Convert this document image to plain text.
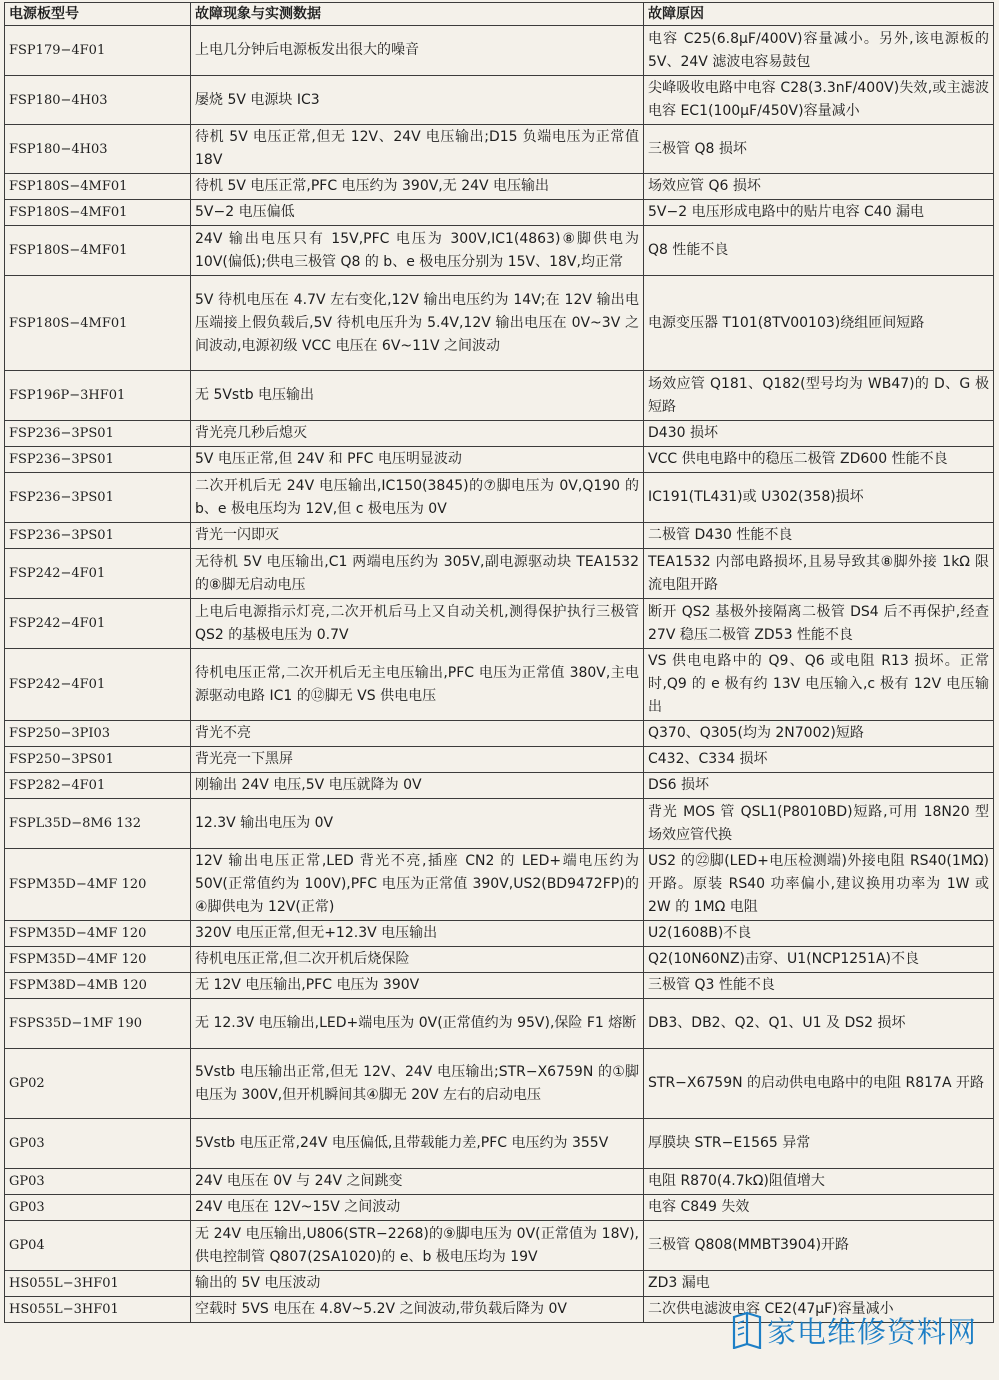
电源板型号	故障现象与实测数据	故障原因
FSP179−4F01	上电几分钟后电源板发出很大的噪音	电容 C25(6.8μF/400V)容量减小。另外,该电源板的 5V、24V 滤波电容易鼓包
FSP180−4H03	屡烧 5V 电源块 IC3	尖峰吸收电路中电容 C28(3.3nF/400V)失效,或主滤波电容 EC1(100μF/450V)容量减小
FSP180−4H03	待机 5V 电压正常,但无 12V、24V 电压输出;D15 负端电压为正常值 18V	三极管 Q8 损坏
FSP180S−4MF01	待机 5V 电压正常,PFC 电压约为 390V,无 24V 电压输出	场效应管 Q6 损坏
FSP180S−4MF01	5V−2 电压偏低	5V−2 电压形成电路中的贴片电容 C40 漏电
FSP180S−4MF01	24V 输出电压只有 15V,PFC 电压为 300V,IC1(4863)⑧脚供电为 10V(偏低);供电三极管 Q8 的 b、e 极电压分别为 15V、18V,均正常	Q8 性能不良
FSP180S−4MF01	5V 待机电压在 4.7V 左右变化,12V 输出电压约为 14V;在 12V 输出电压端接上假负载后,5V 待机电压升为 5.4V,12V 输出电压在 0V~3V 之间波动,电源初级 VCC 电压在 6V~11V 之间波动	电源变压器 T101(8TV00103)绕组匝间短路
FSP196P−3HF01	无 5Vstb 电压输出	场效应管 Q181、Q182(型号均为 WB47)的 D、G 极短路
FSP236−3PS01	背光亮几秒后熄灭	D430 损坏
FSP236−3PS01	5V 电压正常,但 24V 和 PFC 电压明显波动	VCC 供电电路中的稳压二极管 ZD600 性能不良
FSP236−3PS01	二次开机后无 24V 电压输出,IC150(3845)的⑦脚电压为 0V,Q190 的 b、e 极电压均为 12V,但 c 极电压为 0V	IC191(TL431)或 U302(358)损坏
FSP236−3PS01	背光一闪即灭	二极管 D430 性能不良
FSP242−4F01	无待机 5V 电压输出,C1 两端电压约为 305V,副电源驱动块 TEA1532 的⑧脚无启动电压	TEA1532 内部电路损坏,且易导致其⑧脚外接 1kΩ 限流电阻开路
FSP242−4F01	上电后电源指示灯亮,二次开机后马上又自动关机,测得保护执行三极管 QS2 的基极电压为 0.7V	断开 QS2 基极外接隔离二极管 DS4 后不再保护,经查 27V 稳压二极管 ZD53 性能不良
FSP242−4F01	待机电压正常,二次开机后无主电压输出,PFC 电压为正常值 380V,主电源驱动电路 IC1 的⑫脚无 VS 供电电压	VS 供电电路中的 Q9、Q6 或电阻 R13 损坏。正常时,Q9 的 e 极有约 13V 电压输入,c 极有 12V 电压输出
FSP250−3PI03	背光不亮	Q370、Q305(均为 2N7002)短路
FSP250−3PS01	背光亮一下黑屏	C432、C334 损坏
FSP282−4F01	刚输出 24V 电压,5V 电压就降为 0V	DS6 损坏
FSPL35D−8M6 132	12.3V 输出电压为 0V	背光 MOS 管 QSL1(P8010BD)短路,可用 18N20 型场效应管代换
FSPM35D−4MF 120	12V 输出电压正常,LED 背光不亮,插座 CN2 的 LED+端电压约为 50V(正常值约为 100V),PFC 电压为正常值 390V,US2(BD9472FP)的④脚供电为 12V(正常)	US2 的㉒脚(LED+电压检测端)外接电阻 RS40(1MΩ)开路。原装 RS40 功率偏小,建议换用功率为 1W 或 2W 的 1MΩ 电阻
FSPM35D−4MF 120	320V 电压正常,但无+12.3V 电压输出	U2(1608B)不良
FSPM35D−4MF 120	待机电压正常,但二次开机后烧保险	Q2(10N60NZ)击穿、U1(NCP1251A)不良
FSPM38D−4MB 120	无 12V 电压输出,PFC 电压为 390V	三极管 Q3 性能不良
FSPS35D−1MF 190	无 12.3V 电压输出,LED+端电压为 0V(正常值约为 95V),保险 F1 熔断	DB3、DB2、Q2、Q1、U1 及 DS2 损坏
GP02	5Vstb 电压输出正常,但无 12V、24V 电压输出;STR−X6759N 的①脚电压为 300V,但开机瞬间其④脚无 20V 左右的启动电压	STR−X6759N 的启动供电电路中的电阻 R817A 开路
GP03	5Vstb 电压正常,24V 电压偏低,且带载能力差,PFC 电压约为 355V	厚膜块 STR−E1565 异常
GP03	24V 电压在 0V 与 24V 之间跳变	电阻 R870(4.7kΩ)阻值增大
GP03	24V 电压在 12V~15V 之间波动	电容 C849 失效
GP04	无 24V 电压输出,U806(STR−2268)的⑨脚电压为 0V(正常值为 18V),供电控制管 Q807(2SA1020)的 e、b 极电压均为 19V	三极管 Q808(MMBT3904)开路
HS055L−3HF01	输出的 5V 电压波动	ZD3 漏电
HS055L−3HF01	空载时 5VS 电压在 4.8V~5.2V 之间波动,带负载后降为 0V	二次供电滤波电容 CE2(47μF)容量减小
家电维修资料网
